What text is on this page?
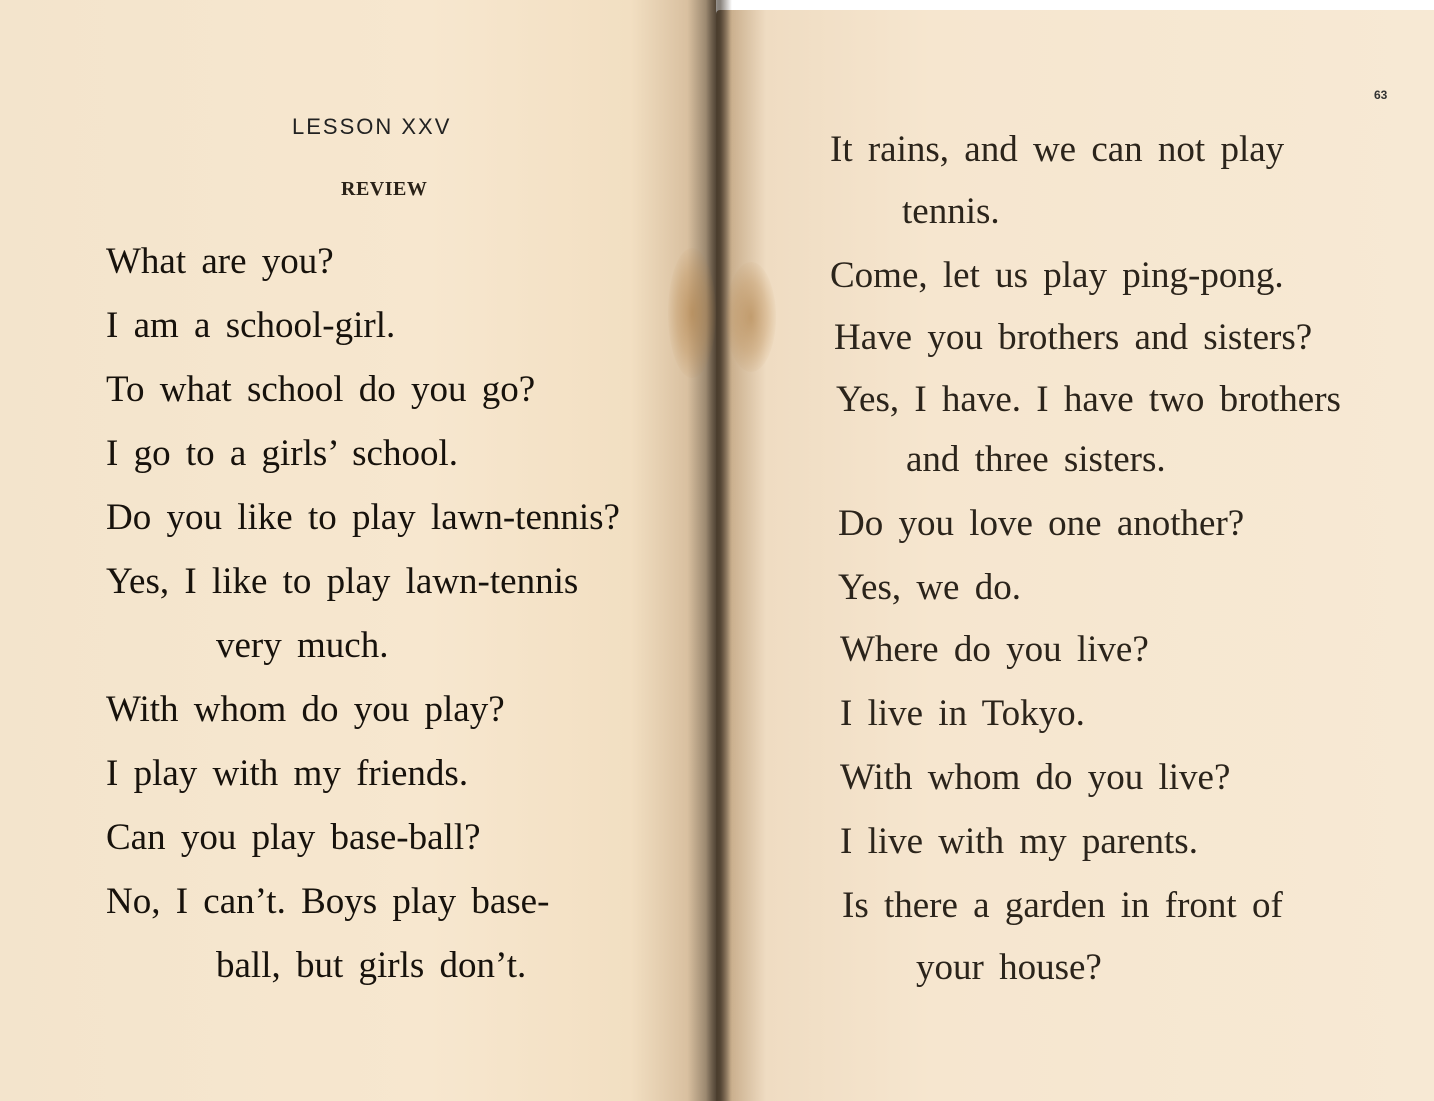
LESSON XXV
REVIEW
What are you?
I am a school-girl.
To what school do you go?
I go to a girls’ school.
Do you like to play lawn-tennis?
Yes, I like to play lawn-tennis
very much.
With whom do you play?
I play with my friends.
Can you play base-ball?
No, I can’t. Boys play base-
ball, but girls don’t.
63
It rains, and we can not play
tennis.
Come, let us play ping-pong.
Have you brothers and sisters?
Yes, I have. I have two brothers
and three sisters.
Do you love one another?
Yes, we do.
Where do you live?
I live in Tokyo.
With whom do you live?
I live with my parents.
Is there a garden in front of
your house?
